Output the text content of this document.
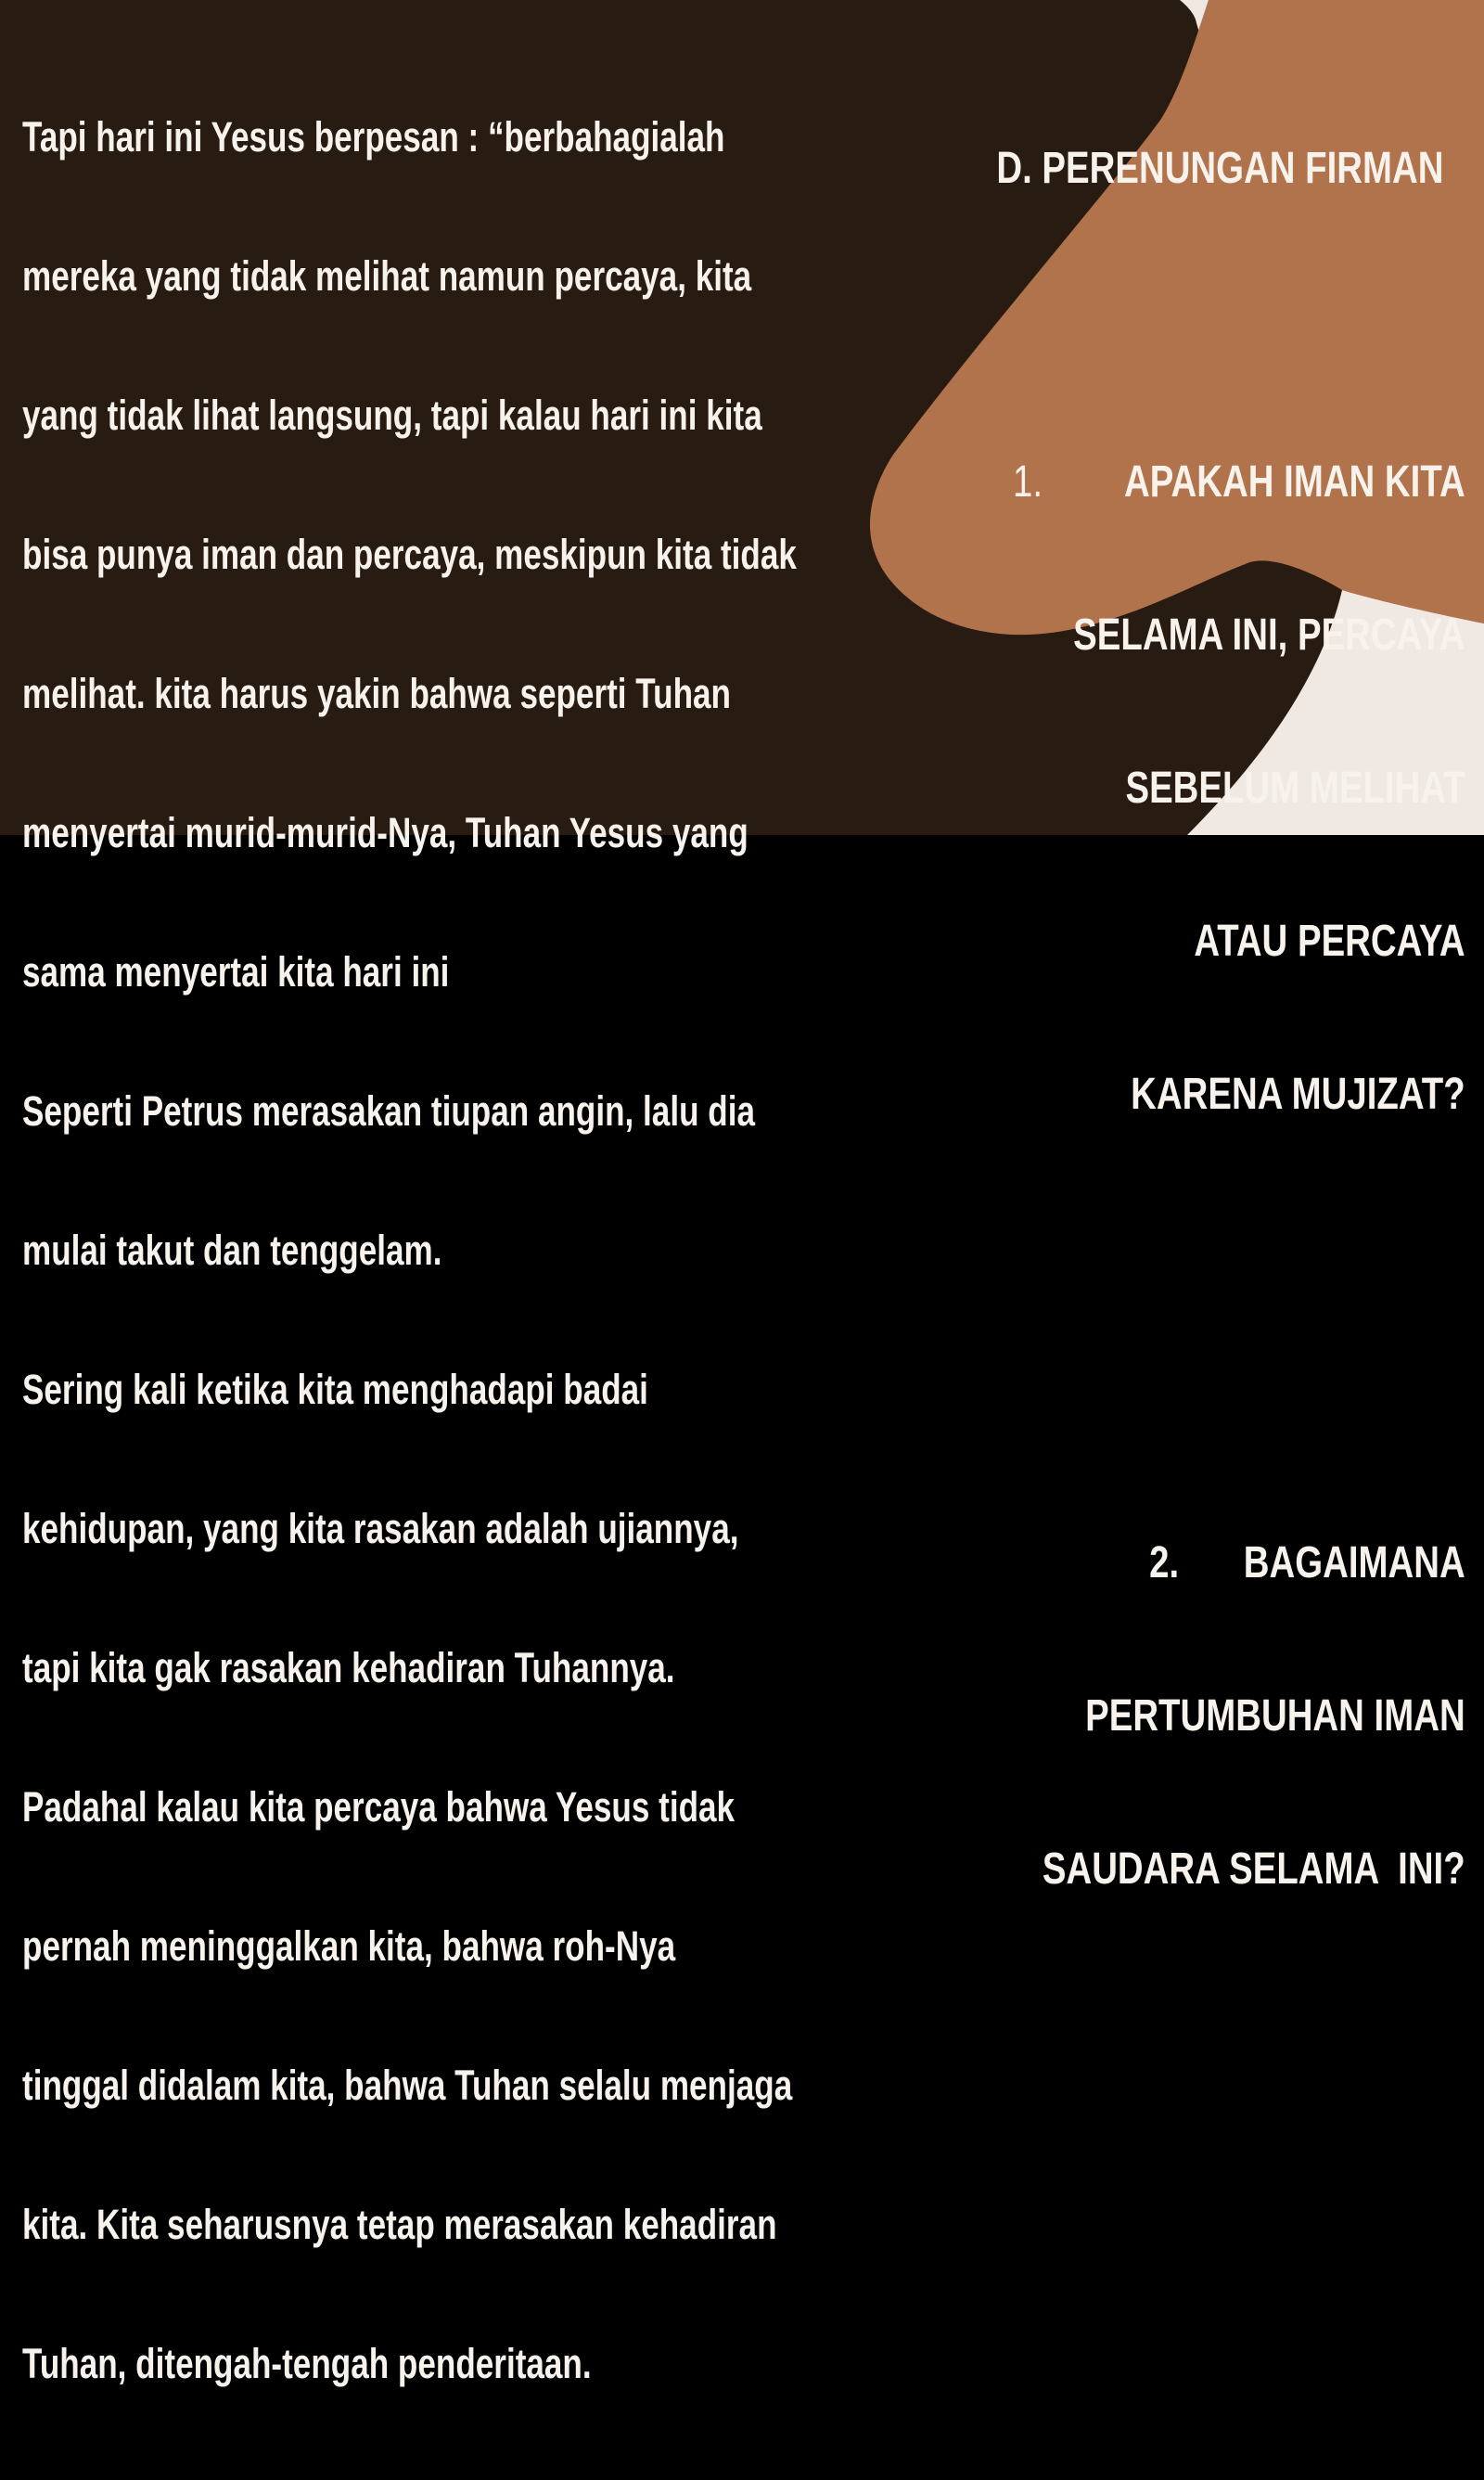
Tapi hari ini Yesus berpesan : “berbahagialah

mereka yang tidak melihat namun percaya, kita

yang tidak lihat langsung, tapi kalau hari ini kita

bisa punya iman dan percaya, meskipun kita tidak

melihat. kita harus yakin bahwa seperti Tuhan

menyertai murid-murid-Nya, Tuhan Yesus yang

sama menyertai kita hari ini

Seperti Petrus merasakan tiupan angin, lalu dia

mulai takut dan tenggelam.

Sering kali ketika kita menghadapi badai

kehidupan, yang kita rasakan adalah ujiannya,

tapi kita gak rasakan kehadiran Tuhannya.

Padahal kalau kita percaya bahwa Yesus tidak

pernah meninggalkan kita, bahwa roh-Nya

tinggal didalam kita, bahwa Tuhan selalu menjaga

kita. Kita seharusnya tetap merasakan kehadiran

Tuhan, ditengah-tengah penderitaan.

D. PERENUNGAN FIRMAN

1. APAKAH IMAN KITA

SELAMA INI, PERCAYA

SEBELUM MELIHAT

ATAU PERCAYA

KARENA MUJIZAT?

2. BAGAIMANA

PERTUMBUHAN IMAN

SAUDARA SELAMA  INI?
